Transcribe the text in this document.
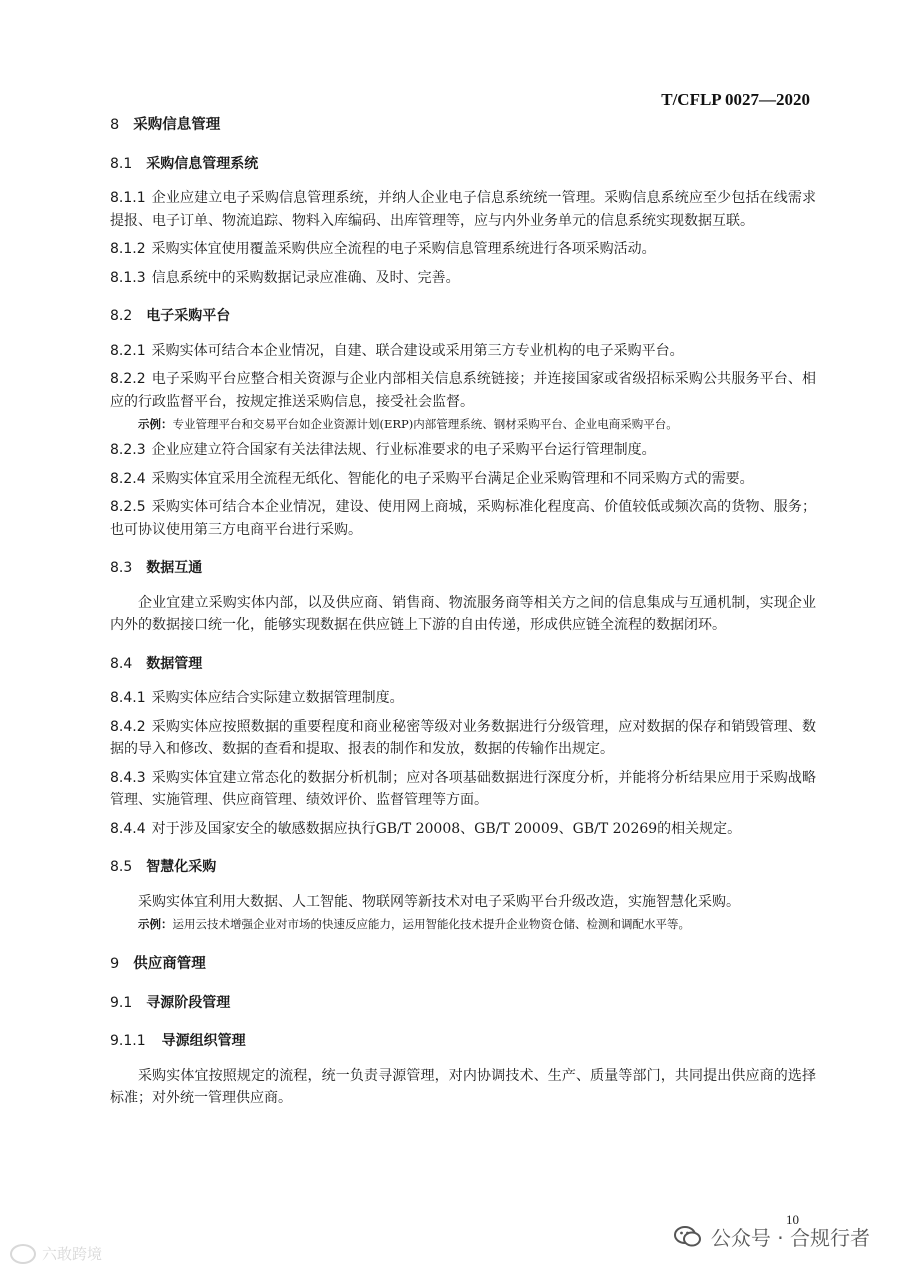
T/CFLP 0027—2020
8 采购信息管理
8.1 采购信息管理系统

8.1.1 企业应建立电子采购信息管理系统，并纳人企业电子信息系统统一管理。采购信息系统应至少包括在线需求提报、电子订单、物流追踪、物料入库编码、出库管理等，应与内外业务单元的信息系统实现数据互联。

8.1.2 采购实体宜使用覆盖采购供应全流程的电子采购信息管理系统进行各项采购活动。

8.1.3 信息系统中的采购数据记录应准确、及时、完善。

8.2 电子采购平台

8.2.1 采购实体可结合本企业情况，自建、联合建设或采用第三方专业机构的电子采购平台。

8.2.2 电子采购平台应整合相关资源与企业内部相关信息系统链接；并连接国家或省级招标采购公共服务平台、相应的行政监督平台，按规定推送采购信息，接受社会监督。

示例：专业管理平台和交易平台如企业资源计划(ERP)内部管理系统、钢材采购平台、企业电商采购平台。

8.2.3 企业应建立符合国家有关法律法规、行业标准要求的电子采购平台运行管理制度。

8.2.4 采购实体宜采用全流程无纸化、智能化的电子采购平台满足企业采购管理和不同采购方式的需要。

8.2.5 采购实体可结合本企业情况，建设、使用网上商城，采购标准化程度高、价值较低或频次高的货物、服务；也可协议使用第三方电商平台进行采购。

8.3 数据互通

企业宜建立采购实体内部，以及供应商、销售商、物流服务商等相关方之间的信息集成与互通机制，实现企业内外的数据接口统一化，能够实现数据在供应链上下游的自由传递，形成供应链全流程的数据闭环。

8.4 数据管理

8.4.1 采购实体应结合实际建立数据管理制度。

8.4.2 采购实体应按照数据的重要程度和商业秘密等级对业务数据进行分级管理，应对数据的保存和销毁管理、数据的导入和修改、数据的查看和提取、报表的制作和发放，数据的传输作出规定。

8.4.3 采购实体宜建立常态化的数据分析机制；应对各项基础数据进行深度分析，并能将分析结果应用于采购战略管理、实施管理、供应商管理、绩效评价、监督管理等方面。

8.4.4 对于涉及国家安全的敏感数据应执行GB/T 20008、GB/T 20009、GB/T 20269的相关规定。

8.5 智慧化采购

采购实体宜利用大数据、人工智能、物联网等新技术对电子采购平台升级改造，实施智慧化采购。

示例：运用云技术增强企业对市场的快速反应能力，运用智能化技术提升企业物资仓储、检测和调配水平等。

9 供应商管理
9.1 寻源阶段管理
9.1.1 导源组织管理

采购实体宜按照规定的流程，统一负责寻源管理，对内协调技术、生产、质量等部门，共同提出供应商的选择标准；对外统一管理供应商。

10
六敢跨境
公众号 · 合规行者
